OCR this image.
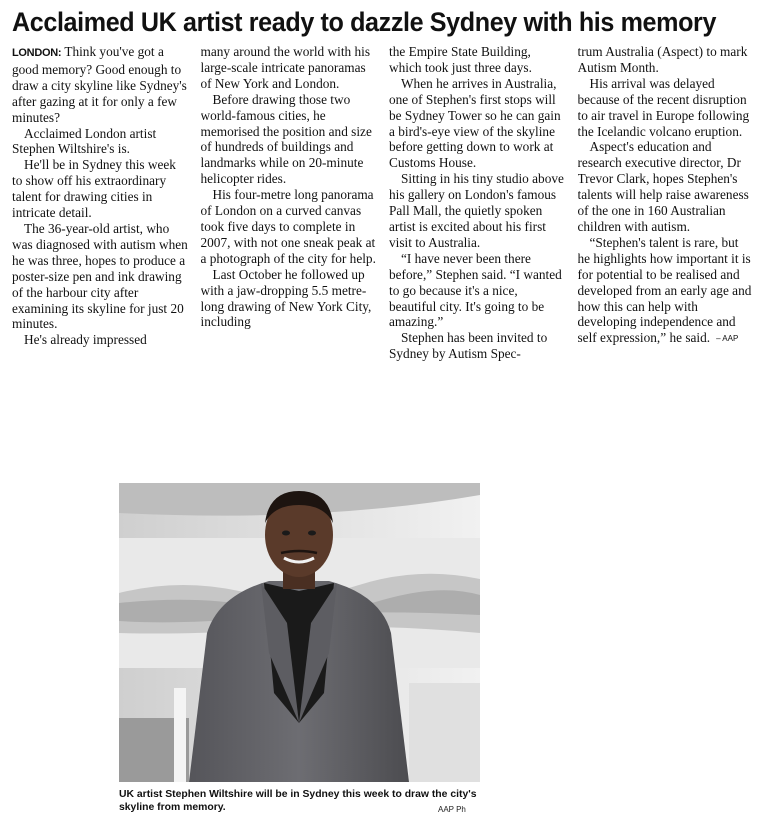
Acclaimed UK artist ready to dazzle Sydney with his memory

LONDON: Think you've got a good memory? Good enough to draw a city skyline like Sydney's after gazing at it for only a few minutes?

Acclaimed London artist Stephen Wiltshire's is.

He'll be in Sydney this week to show off his extraordinary talent for drawing cities in intricate detail.

The 36-year-old artist, who was diagnosed with autism when he was three, hopes to produce a poster-size pen and ink drawing of the harbour city after examining its skyline for just 20 minutes.

He's already impressed

many around the world with his large-scale intricate panoramas of New York and London.

Before drawing those two world-famous cities, he memorised the position and size of hundreds of buildings and landmarks while on 20-minute helicopter rides.

His four-metre long panorama of London on a curved canvas took five days to complete in 2007, with not one sneak peak at a photograph of the city for help.

Last October he followed up with a jaw-dropping 5.5 metre-long drawing of New York City, including

the Empire State Building, which took just three days.

When he arrives in Australia, one of Stephen's first stops will be Sydney Tower so he can gain a bird's-eye view of the skyline before getting down to work at Customs House.

Sitting in his tiny studio above his gallery on London's famous Pall Mall, the quietly spoken artist is excited about his first visit to Australia.

“I have never been there before,” Stephen said. “I wanted to go because it's a nice, beautiful city. It's going to be amazing.”

Stephen has been invited to Sydney by Autism Spec-

trum Australia (Aspect) to mark Autism Month.

His arrival was delayed because of the recent disruption to air travel in Europe following the Icelandic volcano eruption.

Aspect's education and research executive director, Dr Trevor Clark, hopes Stephen's talents will help raise awareness of the one in 160 Australian children with autism.

“Stephen's talent is rare, but he highlights how important it is for potential to be realised and developed from an early age and how this can help with developing independence and self expression,” he said. – AAP

UK artist Stephen Wiltshire will be in Sydney this week to draw the city's skyline from memory.	AAP Ph
